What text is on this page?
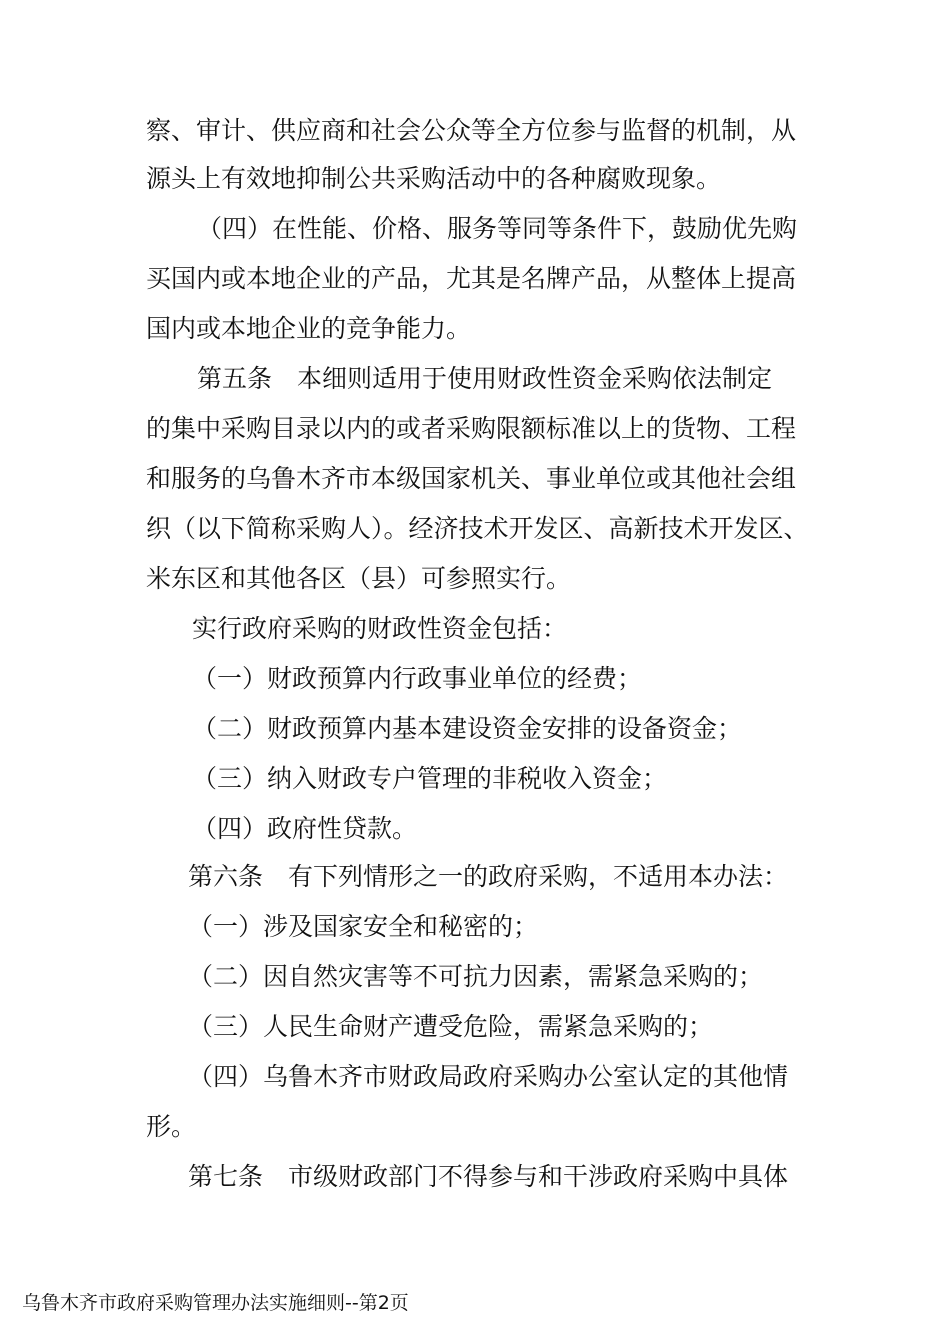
察、审计、供应商和社会公众等全方位参与监督的机制，从
源头上有效地抑制公共采购活动中的各种腐败现象。
（四）在性能、价格、服务等同等条件下，鼓励优先购
买国内或本地企业的产品，尤其是名牌产品，从整体上提高
国内或本地企业的竞争能力。
第五条　本细则适用于使用财政性资金采购依法制定
的集中采购目录以内的或者采购限额标准以上的货物、工程
和服务的乌鲁木齐市本级国家机关、事业单位或其他社会组
织（以下简称采购人）。经济技术开发区、高新技术开发区、
米东区和其他各区（县）可参照实行。
实行政府采购的财政性资金包括：
（一）财政预算内行政事业单位的经费；
（二）财政预算内基本建设资金安排的设备资金；
（三）纳入财政专户管理的非税收入资金；
（四）政府性贷款。
第六条　有下列情形之一的政府采购，不适用本办法：
（一）涉及国家安全和秘密的；
（二）因自然灾害等不可抗力因素，需紧急采购的；
（三）人民生命财产遭受危险，需紧急采购的；
（四）乌鲁木齐市财政局政府采购办公室认定的其他情
形。
第七条　市级财政部门不得参与和干涉政府采购中具体
乌鲁木齐市政府采购管理办法实施细则--第2页
